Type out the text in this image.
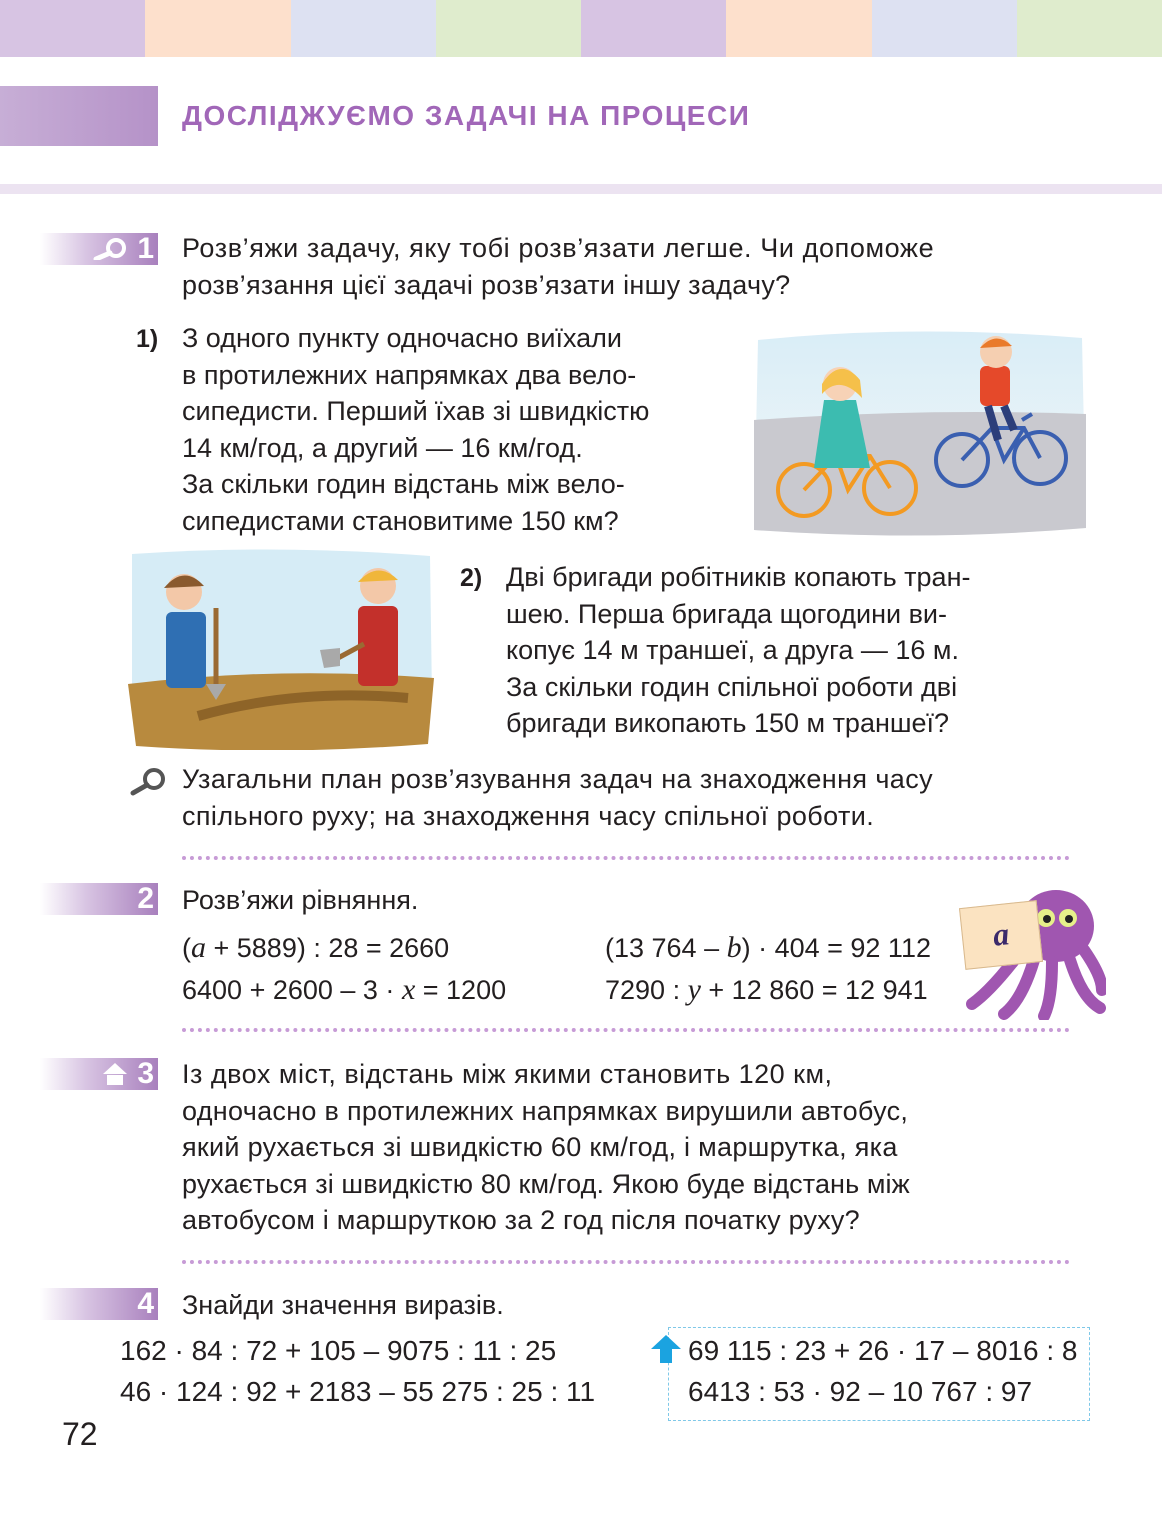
ДОСЛІДЖУЄМО ЗАДАЧІ НА ПРОЦЕСИ
1 Розв’яжи задачу, яку тобі розв’язати легше. Чи допоможе
розв’язання цієї задачі розв’язати іншу задачу?
1) З одного пункту одночасно виїхали
в протилежних напрямках два вело-
сипедисти. Перший їхав зі швидкістю
14 км/год, а другий — 16 км/год.
За скільки годин відстань між вело-
сипедистами становитиме 150 км?
2) Дві бригади робітників копають тран-
шею. Перша бригада щогодини ви-
копує 14 м траншеї, а друга — 16 м.
За скільки годин спільної роботи дві
бригади викопають 150 м траншеї?
Узагальни план розв’язування задач на знаходження часу
спільного руху; на знаходження часу спільної роботи.
2 Розв’яжи рівняння.
(a + 5889) : 28 = 2660	(13 764 – b) · 404 = 92 112
6400 + 2600 – 3 · x = 1200	7290 : y + 12 860 = 12 941
a
3 Із двох міст, відстань між якими становить 120 км,
одночасно в протилежних напрямках вирушили автобус,
який рухається зі швидкістю 60 км/год, і маршрутка, яка
рухається зі швидкістю 80 км/год. Якою буде відстань між
автобусом і маршруткою за 2 год після початку руху?
4 Знайди значення виразів.
162 · 84 : 72 + 105 – 9075 : 11 : 25
46 · 124 : 92 + 2183 – 55 275 : 25 : 11
69 115 : 23 + 26 · 17 – 8016 : 8
6413 : 53 · 92 – 10 767 : 97
72
